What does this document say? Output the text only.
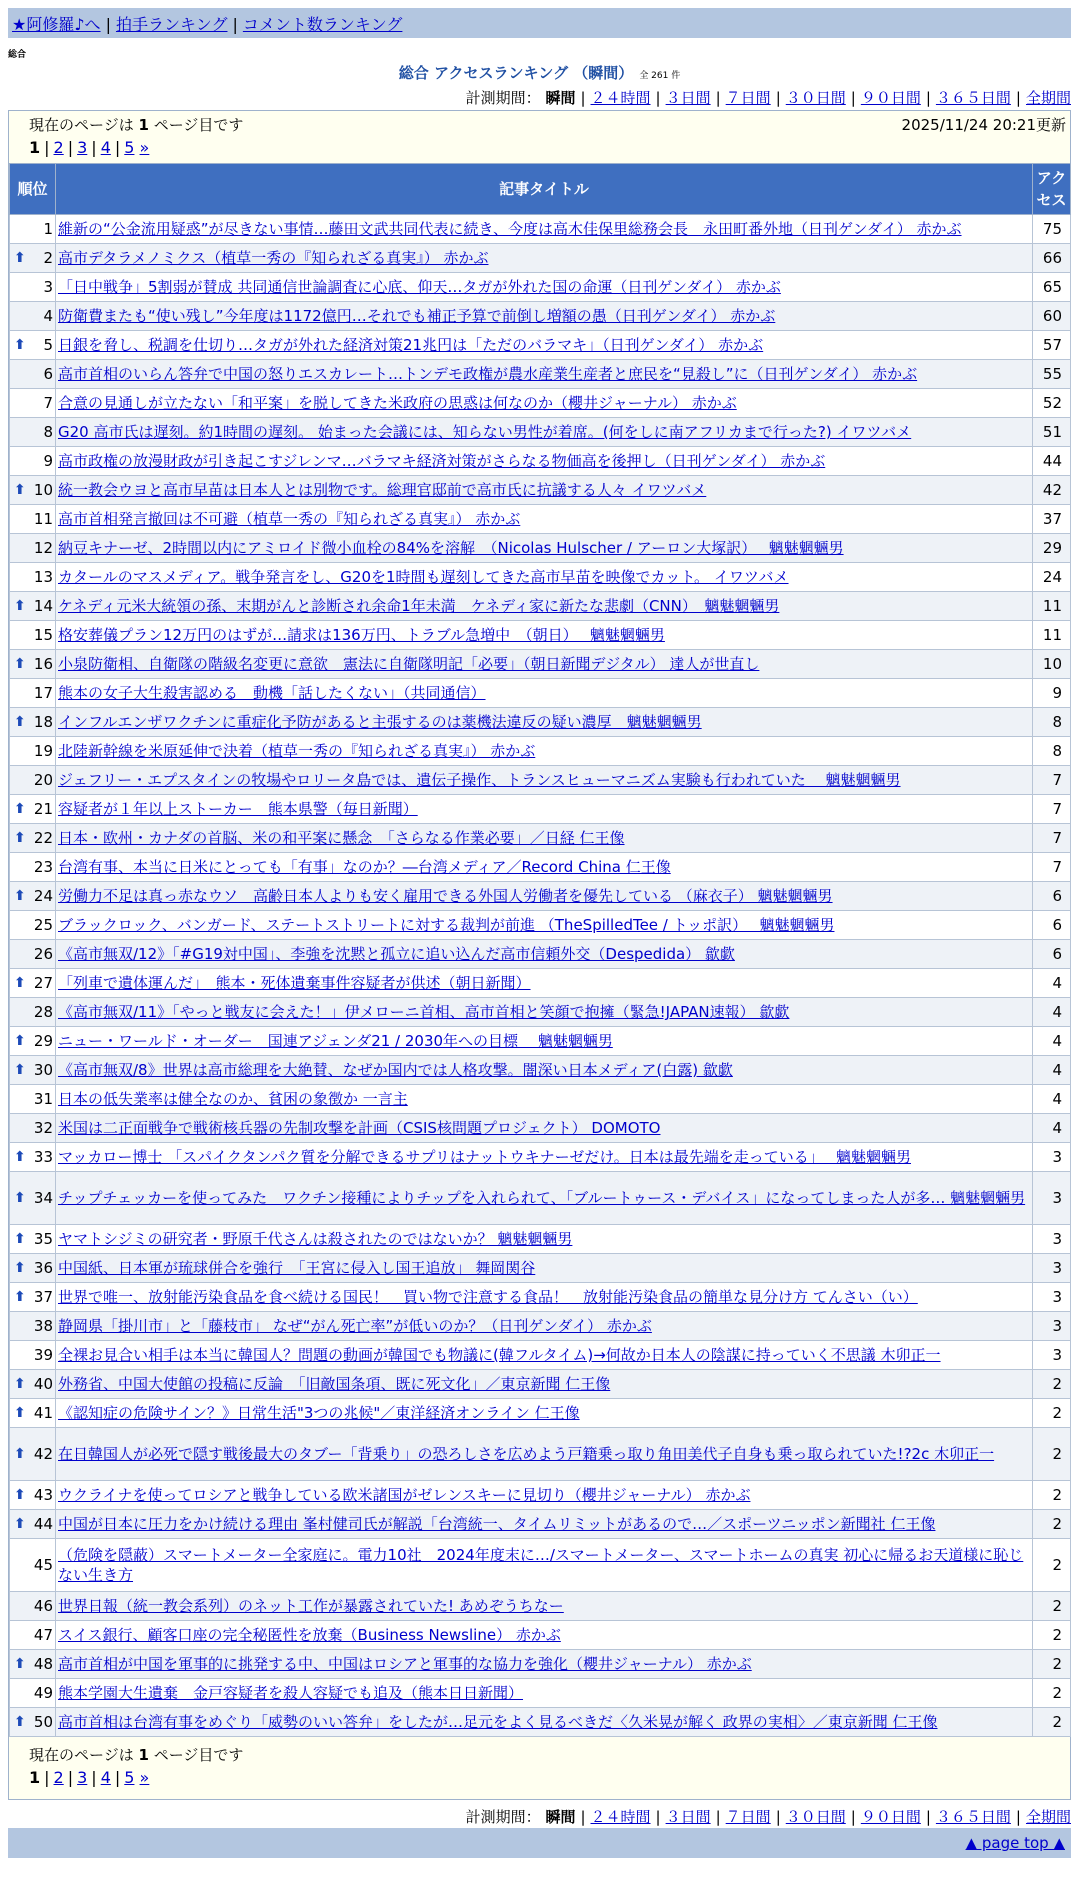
★阿修羅♪へ | 拍手ランキング | コメント数ランキング
総合
総合 アクセスランキング （瞬間） 全 261 件
計測期間： 瞬間 | ２４時間 | ３日間 | ７日間 | ３０日間 | ９０日間 | ３６５日間 | 全期間
現在のページは 1 ページ目です	2025/11/24 20:21更新
1 | 2 | 3 | 4 | 5 »
順位	記事タイトル	アクセス
1	維新の“公金流用疑惑”が尽きない事情…藤田文武共同代表に続き、今度は高木佳保里総務会長　永田町番外地（日刊ゲンダイ） 赤かぶ	75

⬆ 2	高市デタラメノミクス（植草一秀の『知られざる真実』） 赤かぶ	66
3	「日中戦争」5割弱が賛成 共同通信世論調査に心底、仰天…タガが外れた国の命運（日刊ゲンダイ） 赤かぶ	65
4	防衛費またも“使い残し”今年度は1172億円…それでも補正予算で前倒し増額の愚（日刊ゲンダイ） 赤かぶ	60

⬆ 5	日銀を脅し、税調を仕切り…タガが外れた経済対策21兆円は「ただのバラマキ」（日刊ゲンダイ） 赤かぶ	57
6	高市首相のいらん答弁で中国の怒りエスカレート…トンデモ政権が農水産業生産者と庶民を“見殺し”に（日刊ゲンダイ） 赤かぶ	55
7	合意の見通しが立たない「和平案」を脱してきた米政府の思惑は何なのか（櫻井ジャーナル） 赤かぶ	52
8	G20 高市氏は遅刻。約1時間の遅刻。 始まった会議には、知らない男性が着席。(何をしに南アフリカまで行った?) イワツバメ	51
9	高市政権の放漫財政が引き起こすジレンマ…バラマキ経済対策がさらなる物価高を後押し（日刊ゲンダイ） 赤かぶ	44

⬆ 10	統一教会ウヨと高市早苗は日本人とは別物です。総理官邸前で高市氏に抗議する人々 イワツバメ	42
11	高市首相発言撤回は不可避（植草一秀の『知られざる真実』） 赤かぶ	37
12	納豆キナーゼ、2時間以内にアミロイド微小血栓の84%を溶解　（Nicolas Hulscher / アーロン大塚訳）　 魑魅魍魎男	29
13	カタールのマスメディア。戦争発言をし、G20を1時間も遅刻してきた高市早苗を映像でカット。 イワツバメ	24

⬆ 14	ケネディ元米大統領の孫、末期がんと診断され余命1年未満　ケネディ家に新たな悲劇（CNN）　魑魅魍魎男	11
15	格安葬儀プラン12万円のはずが…請求は136万円、トラブル急増中　（朝日）　 魑魅魍魎男	11

⬆ 16	小泉防衛相、自衛隊の階級名変更に意欲　憲法に自衛隊明記「必要」（朝日新聞デジタル） 達人が世直し	10
17	熊本の女子大生殺害認める　動機「話したくない」（共同通信）	9

⬆ 18	インフルエンザワクチンに重症化予防があると主張するのは薬機法違反の疑い濃厚　魑魅魍魎男	8
19	北陸新幹線を米原延伸で決着（植草一秀の『知られざる真実』） 赤かぶ	8
20	ジェフリー・エプスタインの牧場やロリータ島では、遺伝子操作、トランスヒューマニズム実験も行われていた　 魑魅魍魎男	7

⬆ 21	容疑者が１年以上ストーカー　熊本県警（毎日新聞）	7

⬆ 22	日本・欧州・カナダの首脳、米の和平案に懸念　「さらなる作業必要」／日経 仁王像	7
23	台湾有事、本当に日米にとっても「有事」なのか？―台湾メディア／Record China 仁王像	7

⬆ 24	労働力不足は真っ赤なウソ　高齢日本人よりも安く雇用できる外国人労働者を優先している （麻衣子） 魑魅魍魎男	6
25	ブラックロック、バンガード、ステートストリートに対する裁判が前進 （TheSpilledTee / トッポ訳）　 魑魅魍魎男	6
26	《高市無双/12》「#G19対中国」、李強を沈黙と孤立に追い込んだ高市信頼外交（Despedida） 歙歔	6

⬆ 27	「列車で遺体運んだ」　熊本・死体遺棄事件容疑者が供述（朝日新聞）	4
28	《高市無双/11》「やっと戦友に会えた！」伊メローニ首相、高市首相と笑顔で抱擁（緊急!JAPAN速報） 歙歔	4

⬆ 29	ニュー・ワールド・オーダー　国連アジェンダ21 / 2030年への目標　 魑魅魍魎男	4

⬆ 30	《高市無双/8》世界は高市総理を大絶賛、なぜか国内では人格攻撃。闇深い日本メディア(白露) 歙歔	4
31	日本の低失業率は健全なのか、貧困の象徴か 一言主	4
32	米国は二正面戦争で戦術核兵器の先制攻撃を計画（CSIS核問題プロジェクト） DOMOTO	4

⬆ 33	マッカロー博士 「スパイクタンパク質を分解できるサプリはナットウキナーゼだけ。日本は最先端を走っている」　 魑魅魍魎男	3

⬆ 34	チップチェッカーを使ってみた　ワクチン接種によりチップを入れられて、「ブルートゥース・デバイス」になってしまった人が多… 魑魅魍魎男	3

⬆ 35	ヤマトシジミの研究者・野原千代さんは殺されたのではないか？ 魑魅魍魎男	3

⬆ 36	中国紙、日本軍が琉球併合を強行　「王宮に侵入し国王追放」 舞岡関谷	3

⬆ 37	世界で唯一、放射能汚染食品を食べ続ける国民！　買い物で注意する食品！　放射能汚染食品の簡単な見分け方 てんさい（い）	3
38	静岡県「掛川市」と「藤枝市」 なぜ“がん死亡率”が低いのか？（日刊ゲンダイ） 赤かぶ	3
39	全裸お見合い相手は本当に韓国人？問題の動画が韓国でも物議に(韓フルタイム)→何故か日本人の陰謀に持っていく不思議 木卯正一	3

⬆ 40	外務省、中国大使館の投稿に反論　「旧敵国条項、既に死文化」／東京新聞 仁王像	2

⬆ 41	《認知症の危険サイン？》日常生活"3つの兆候"／東洋経済オンライン 仁王像	2

⬆ 42	在日韓国人が必死で隠す戦後最大のタブー「背乗り」の恐ろしさを広めよう戸籍乗っ取り角田美代子自身も乗っ取られていた!?2c 木卯正一	2

⬆ 43	ウクライナを使ってロシアと戦争している欧米諸国がゼレンスキーに見切り（櫻井ジャーナル） 赤かぶ	2

⬆ 44	中国が日本に圧力をかけ続ける理由 峯村健司氏が解説「台湾統一、タイムリミットがあるので…／スポーツニッポン新聞社 仁王像	2
45	（危険を隠蔽）スマートメーター全家庭に。電力10社　2024年度末に…/スマートメーター、スマートホームの真実 初心に帰るお天道様に恥じない生き方	2
46	世界日報（統一教会系列）のネット工作が暴露されていた! あめぞうちなー	2
47	スイス銀行、顧客口座の完全秘匿性を放棄（Business Newsline） 赤かぶ	2

⬆ 48	高市首相が中国を軍事的に挑発する中、中国はロシアと軍事的な協力を強化（櫻井ジャーナル） 赤かぶ	2
49	熊本学園大生遺棄　金戸容疑者を殺人容疑でも追及（熊本日日新聞）	2

⬆ 50	高市首相は台湾有事をめぐり「威勢のいい答弁」をしたが…足元をよく見るべきだ〈久米晃が解く 政界の実相〉／東京新聞 仁王像	2
現在のページは 1 ページ目です
1 | 2 | 3 | 4 | 5 »
計測期間： 瞬間 | ２４時間 | ３日間 | ７日間 | ３０日間 | ９０日間 | ３６５日間 | 全期間
▲ page top ▲
